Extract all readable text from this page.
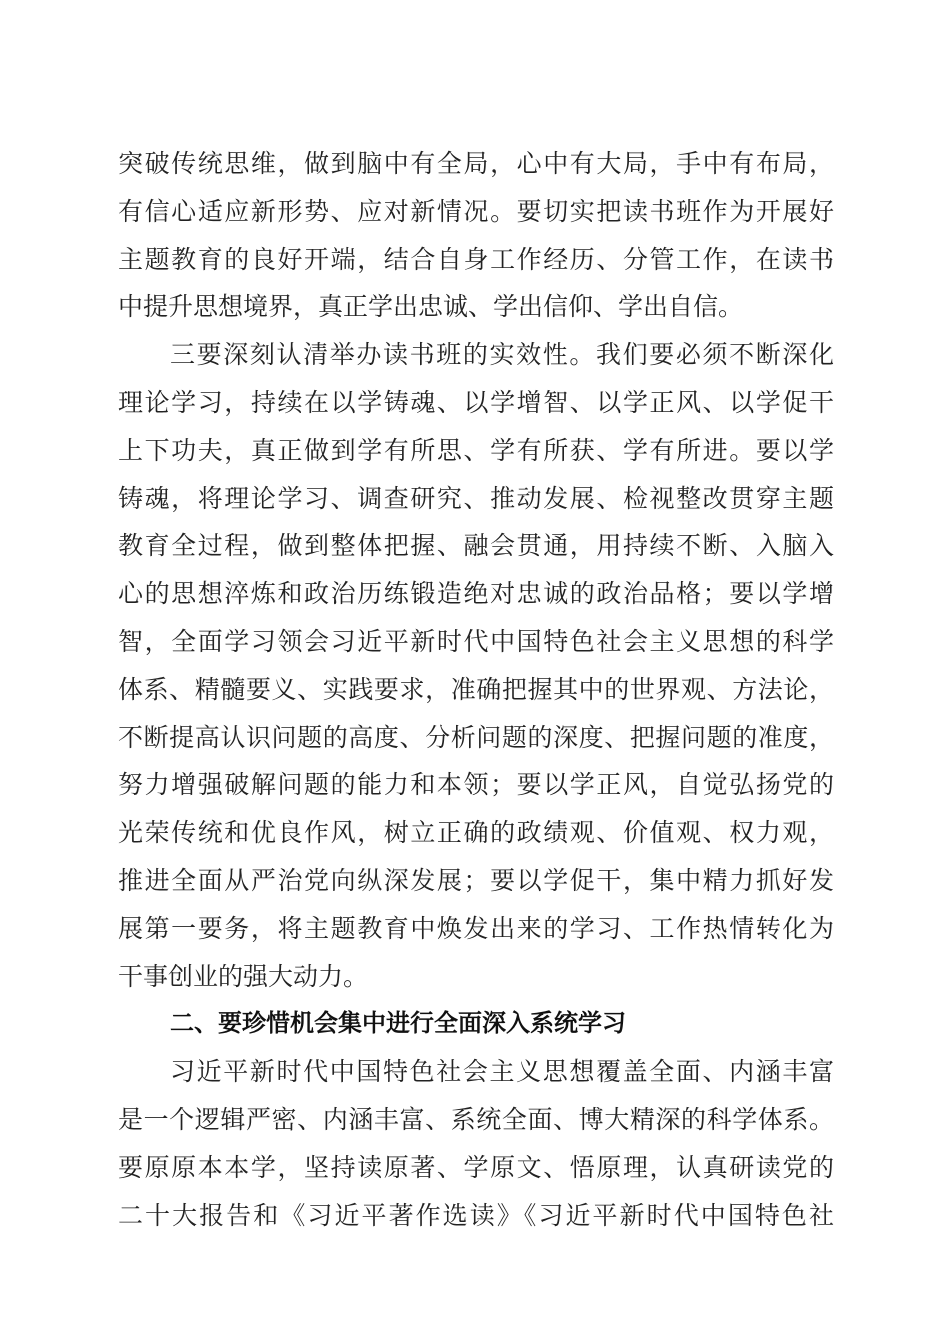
突破传统思维，做到脑中有全局，心中有大局，手中有布局，
有信心适应新形势、应对新情况。要切实把读书班作为开展好
主题教育的良好开端，结合自身工作经历、分管工作，在读书
中提升思想境界，真正学出忠诚、学出信仰、学出自信。
三要深刻认清举办读书班的实效性。我们要必须不断深化
理论学习，持续在以学铸魂、以学增智、以学正风、以学促干
上下功夫，真正做到学有所思、学有所获、学有所进。要以学
铸魂，将理论学习、调查研究、推动发展、检视整改贯穿主题
教育全过程，做到整体把握、融会贯通，用持续不断、入脑入
心的思想淬炼和政治历练锻造绝对忠诚的政治品格；要以学增
智，全面学习领会习近平新时代中国特色社会主义思想的科学
体系、精髓要义、实践要求，准确把握其中的世界观、方法论，
不断提高认识问题的高度、分析问题的深度、把握问题的准度，
努力增强破解问题的能力和本领；要以学正风，自觉弘扬党的
光荣传统和优良作风，树立正确的政绩观、价值观、权力观，
推进全面从严治党向纵深发展；要以学促干，集中精力抓好发
展第一要务，将主题教育中焕发出来的学习、工作热情转化为
干事创业的强大动力。
二、要珍惜机会集中进行全面深入系统学习
习近平新时代中国特色社会主义思想覆盖全面、内涵丰富
是一个逻辑严密、内涵丰富、系统全面、博大精深的科学体系。
要原原本本学，坚持读原著、学原文、悟原理，认真研读党的
二十大报告和《习近平著作选读》《习近平新时代中国特色社
